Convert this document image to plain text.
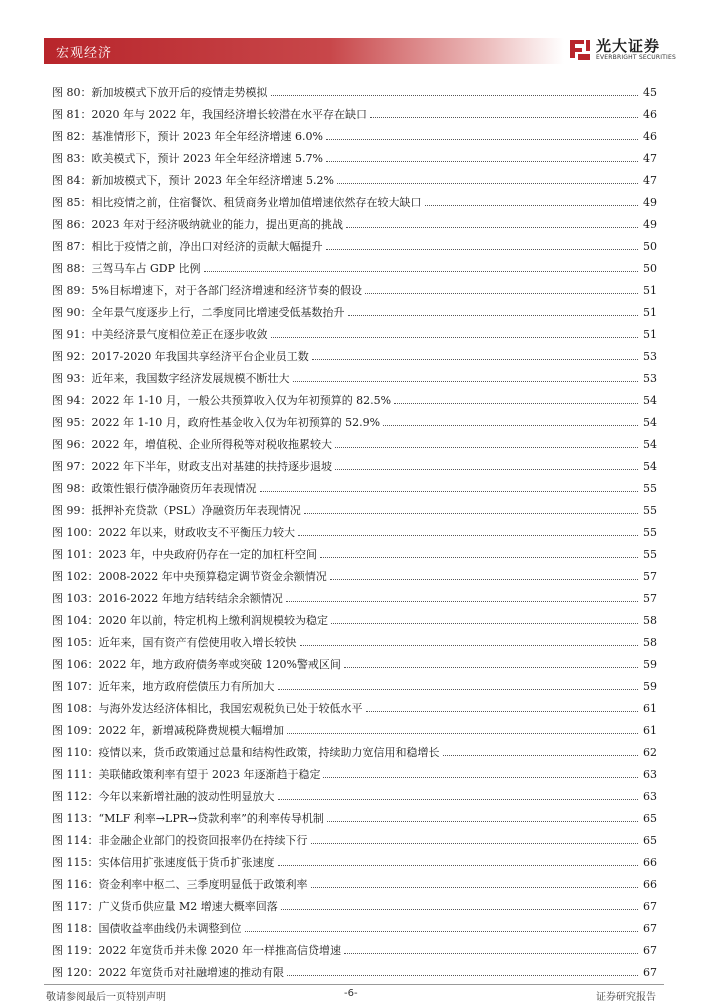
宏观经济	光大证券
EVERBRIGHT SECURITIES
图 80：新加坡模式下放开后的疫情走势模拟	45
图 81：2020 年与 2022 年，我国经济增长较潜在水平存在缺口	46
图 82：基准情形下，预计 2023 年全年经济增速 6.0%	46
图 83：欧美模式下，预计 2023 年全年经济增速 5.7%	47
图 84：新加坡模式下，预计 2023 年全年经济增速 5.2%	47
图 85：相比疫情之前，住宿餐饮、租赁商务业增加值增速依然存在较大缺口	49
图 86：2023 年对于经济吸纳就业的能力，提出更高的挑战	49
图 87：相比于疫情之前，净出口对经济的贡献大幅提升	50
图 88：三驾马车占 GDP 比例	50
图 89：5%目标增速下，对于各部门经济增速和经济节奏的假设	51
图 90：全年景气度逐步上行，二季度同比增速受低基数抬升	51
图 91：中美经济景气度相位差正在逐步收敛	51
图 92：2017-2020 年我国共享经济平台企业员工数	53
图 93：近年来，我国数字经济发展规模不断壮大	53
图 94：2022 年 1-10 月，一般公共预算收入仅为年初预算的 82.5%	54
图 95：2022 年 1-10 月，政府性基金收入仅为年初预算的 52.9%	54
图 96：2022 年，增值税、企业所得税等对税收拖累较大	54
图 97：2022 年下半年，财政支出对基建的扶持逐步退坡	54
图 98：政策性银行债净融资历年表现情况	55
图 99：抵押补充贷款（PSL）净融资历年表现情况	55
图 100：2022 年以来，财政收支不平衡压力较大	55
图 101：2023 年，中央政府仍存在一定的加杠杆空间	55
图 102：2008-2022 年中央预算稳定调节资金余额情况	57
图 103：2016-2022 年地方结转结余余额情况	57
图 104：2020 年以前，特定机构上缴利润规模较为稳定	58
图 105：近年来，国有资产有偿使用收入增长较快	58
图 106：2022 年，地方政府债务率或突破 120%警戒区间	59
图 107：近年来，地方政府偿债压力有所加大	59
图 108：与海外发达经济体相比，我国宏观税负已处于较低水平	61
图 109：2022 年，新增减税降费规模大幅增加	61
图 110：疫情以来，货币政策通过总量和结构性政策，持续助力宽信用和稳增长	62
图 111：美联储政策利率有望于 2023 年逐渐趋于稳定	63
图 112：今年以来新增社融的波动性明显放大	63
图 113：“MLF 利率→LPR→贷款利率”的利率传导机制	65
图 114：非金融企业部门的投资回报率仍在持续下行	65
图 115：实体信用扩张速度低于货币扩张速度	66
图 116：资金利率中枢二、三季度明显低于政策利率	66
图 117：广义货币供应量 M2 增速大概率回落	67
图 118：国债收益率曲线仍未调整到位	67
图 119：2022 年宽货币并未像 2020 年一样推高信贷增速	67
图 120：2022 年宽货币对社融增速的推动有限	67
敬请参阅最后一页特别声明	-6-	证券研究报告
